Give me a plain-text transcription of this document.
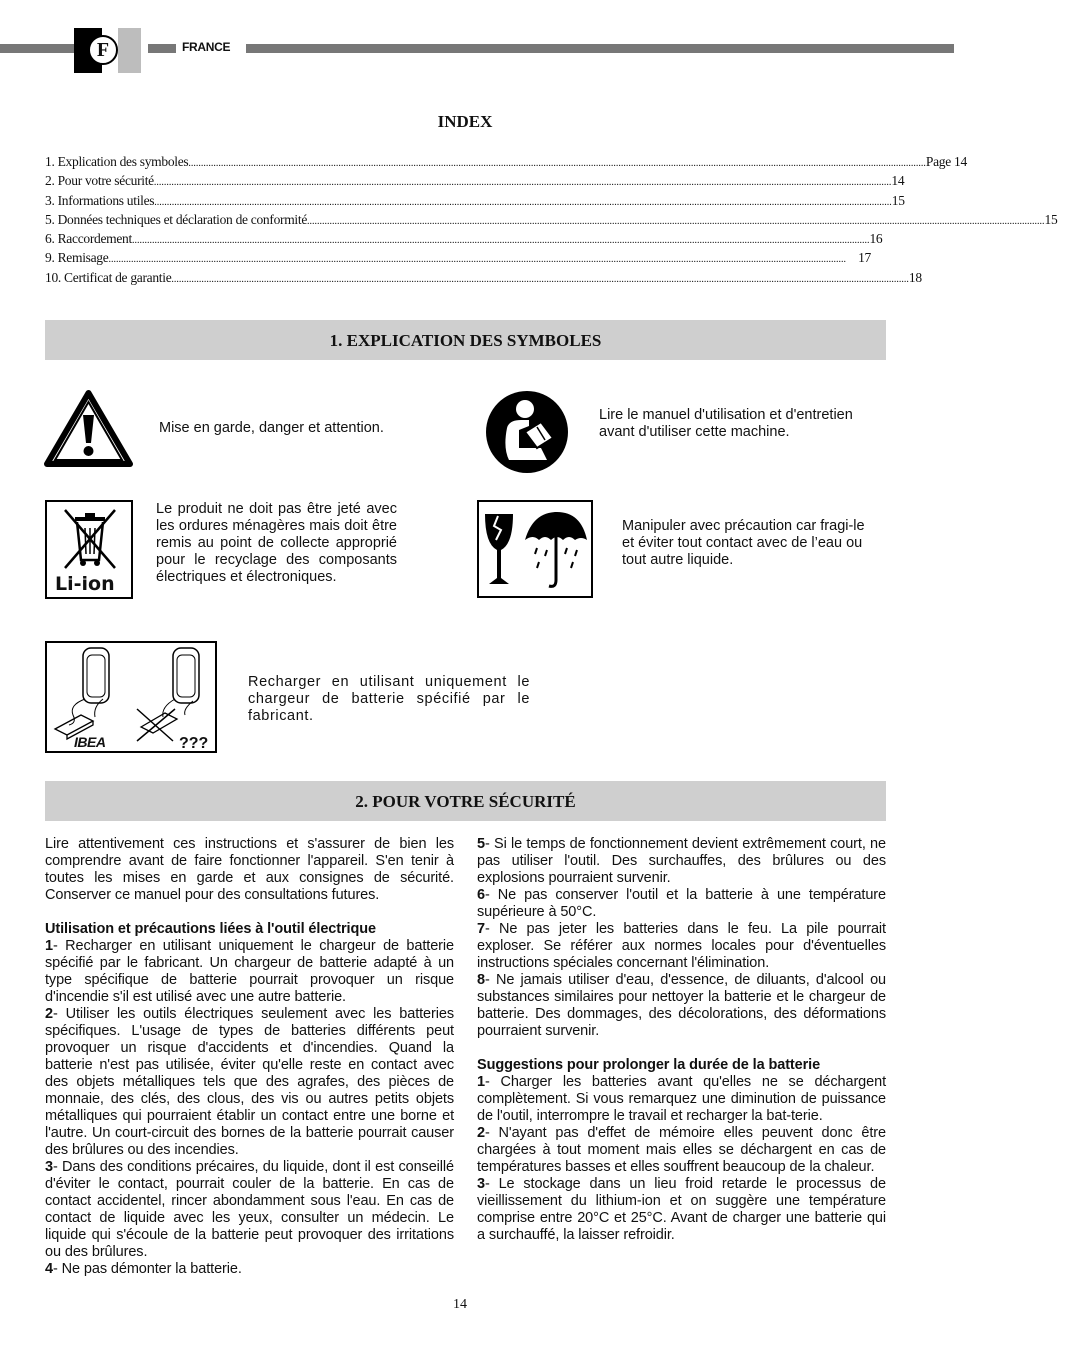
F	FRANCE
INDEX
1. Explication des symboles ....................................................................................................................................................................................................................................................................................................... Page 14
2. Pour votre sécurité ....................................................................................................................................................................................................................................................................................................... 14
3. Informations utiles ....................................................................................................................................................................................................................................................................................................... 15
5. Données techniques et déclaration de conformité ....................................................................................................................................................................................................................................................................................................... 15
6. Raccordement ....................................................................................................................................................................................................................................................................................................... 16
9. Remisage ....................................................................................................................................................................................................................................................................................................... 17
10. Certificat de garantie ....................................................................................................................................................................................................................................................................................................... 18
1. EXPLICATION DES SYMBOLES
Mise en garde, danger et attention.
Lire le manuel d'utilisation et d'entretien avant d'utiliser cette machine.
Li-ion
Le produit ne doit pas être jeté avec les ordures ménagères mais doit être remis au point de collecte approprié pour le recyclage des composants électriques et électroniques.
Manipuler avec précaution car fragi-le et éviter tout contact avec de l’eau ou tout autre liquide.
IBEA	???
Recharger en utilisant uniquement le chargeur de batterie spécifié par le fabricant.
2. POUR VOTRE SÉCURITÉ

Lire attentivement ces instructions et s'assurer de bien les comprendre avant de faire fonctionner l'appareil. S'en tenir à toutes les mises en garde et aux consignes de sécurité. Conserver ce manuel pour des consultations futures.

Utilisation et précautions liées à l'outil électrique

1- Recharger en utilisant uniquement le chargeur de batterie spécifié par le fabricant. Un chargeur de batterie adapté à un type spécifique de batterie pourrait provoquer un risque d'incendie s'il est utilisé avec une autre batterie.

2- Utiliser les outils électriques seulement avec les batteries spécifiques. L'usage de types de batteries différents peut provoquer un risque d'accidents et d'incendies. Quand la batterie n'est pas utilisée, éviter qu'elle reste en contact avec des objets métalliques tels que des agrafes, des pièces de monnaie, des clés, des clous, des vis ou autres petits objets métalliques qui pourraient établir un contact entre une borne et l'autre. Un court-circuit des bornes de la batterie pourrait causer des brûlures ou des incendies.

3- Dans des conditions précaires, du liquide, dont il est conseillé d'éviter le contact, pourrait couler de la batterie. En cas de contact accidentel, rincer abondamment sous l'eau. En cas de contact de liquide avec les yeux, consulter un médecin. Le liquide qui s'écoule de la batterie peut provoquer des irritations ou des brûlures.

4- Ne pas démonter la batterie.

5- Si le temps de fonctionnement devient extrêmement court, ne pas utiliser l'outil. Des surchauffes, des brûlures ou des explosions pourraient survenir.

6- Ne pas conserver l'outil et la batterie à une température supérieure à 50°C.

7- Ne pas jeter les batteries dans le feu. La pile pourrait exploser. Se référer aux normes locales pour d'éventuelles instructions spéciales concernant l'élimination.

8- Ne jamais utiliser d'eau, d'essence, de diluants, d'alcool ou substances similaires pour nettoyer la batterie et le chargeur de batterie. Des dommages, des décolorations, des déformations pourraient survenir.

Suggestions pour prolonger la durée de la batterie

1- Charger les batteries avant qu'elles ne se déchargent complètement. Si vous remarquez une diminution de puissance de l'outil, interrompre le travail et recharger la bat-terie.

2- N'ayant pas d'effet de mémoire elles peuvent donc être chargées à tout moment mais elles se déchargent en cas de températures basses et elles souffrent beaucoup de la chaleur.

3- Le stockage dans un lieu froid retarde le processus de vieillissement du lithium-ion et on suggère une température comprise entre 20°C et 25°C. Avant de charger une batterie qui a surchauffé, la laisser refroidir.

14
